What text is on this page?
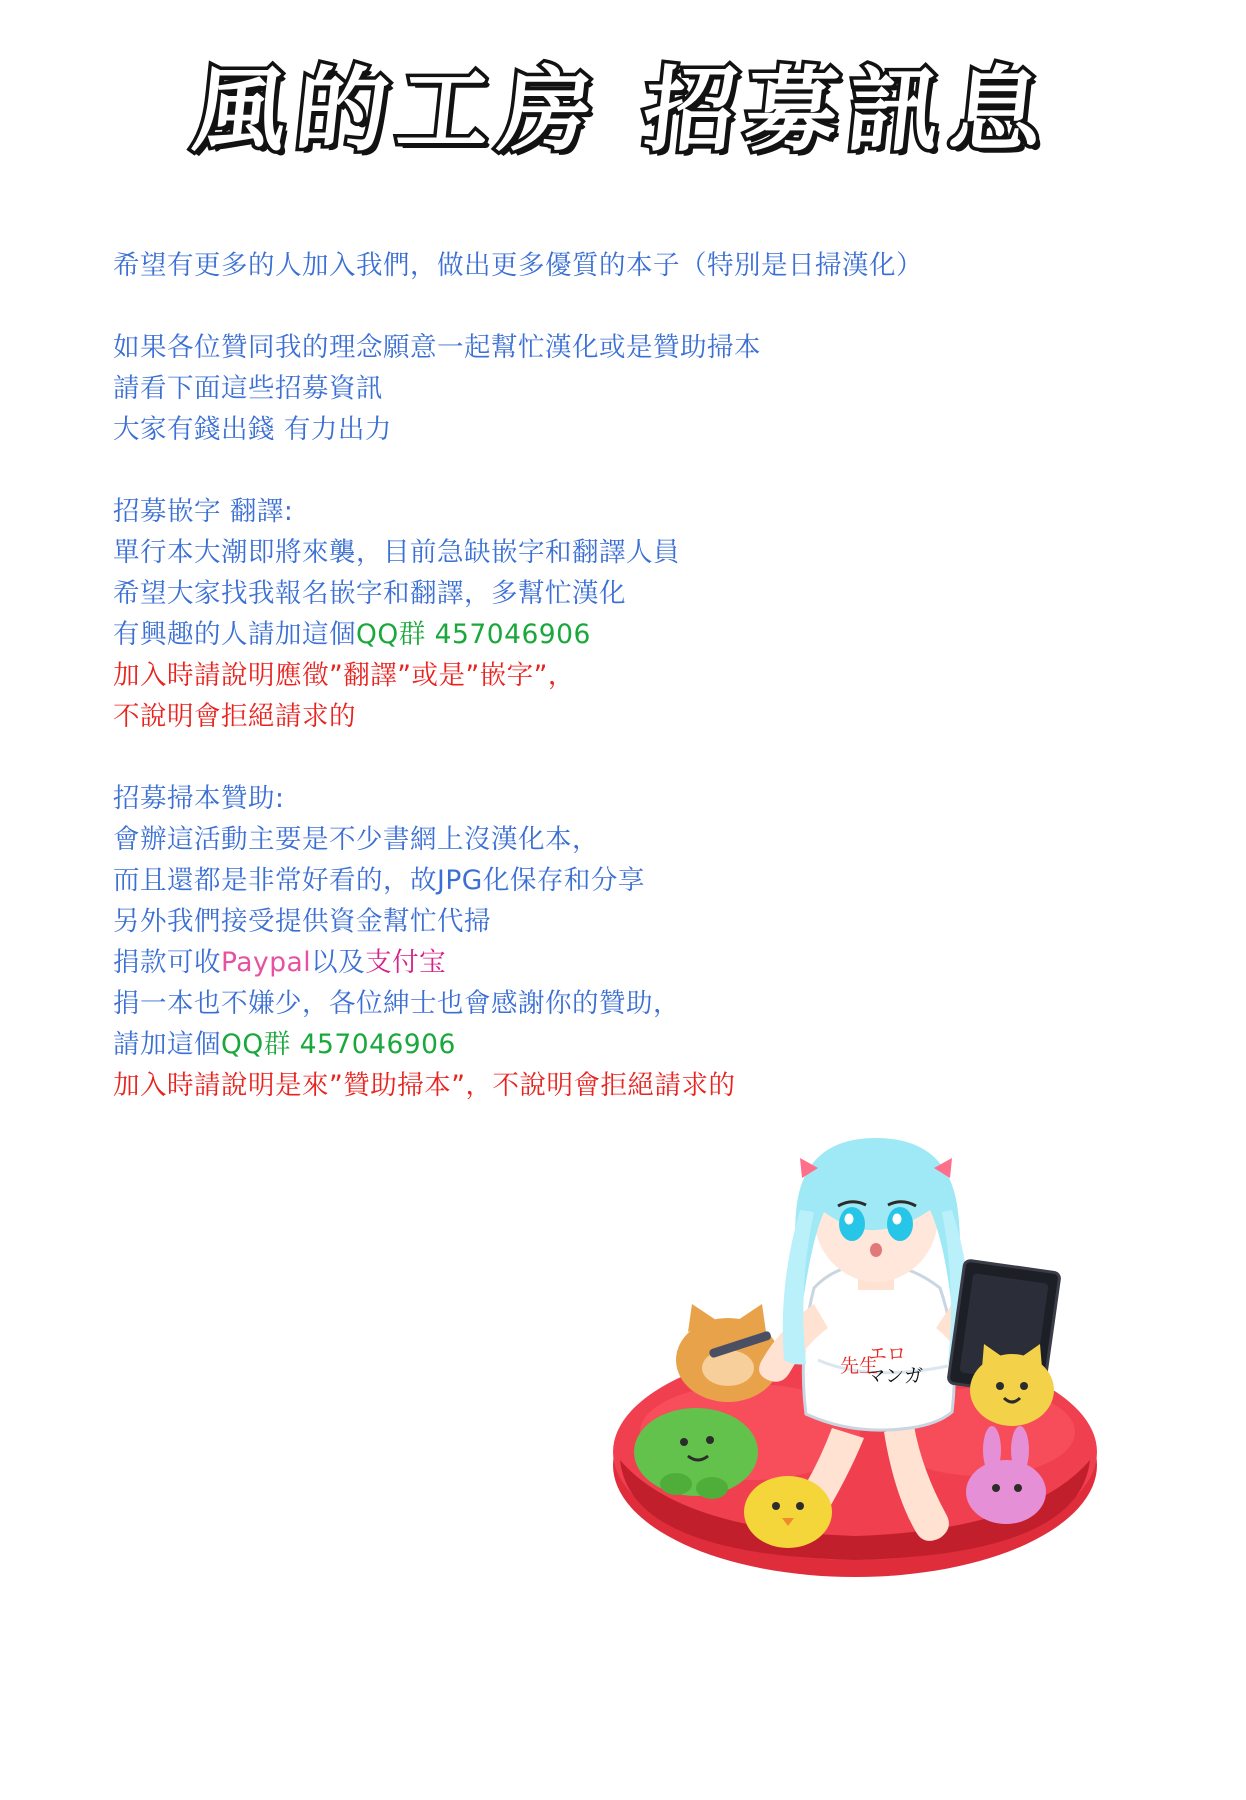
風的工房 招募訊息
希望有更多的人加入我們，做出更多優質的本子（特別是日掃漢化）
如果各位贊同我的理念願意一起幫忙漢化或是贊助掃本
請看下面這些招募資訊
大家有錢出錢 有力出力
招募嵌字 翻譯:
單行本大潮即將來襲，目前急缺嵌字和翻譯人員
希望大家找我報名嵌字和翻譯，多幫忙漢化
有興趣的人請加這個QQ群 457046906
加入時請說明應徵”翻譯”或是”嵌字”，
不說明會拒絕請求的
招募掃本贊助:
會辦這活動主要是不少書網上沒漢化本，
而且還都是非常好看的，故JPG化保存和分享
另外我們接受提供資金幫忙代掃
捐款可收Paypal以及支付宝
捐一本也不嫌少，各位紳士也會感謝你的贊助，
請加這個QQ群 457046906
加入時請說明是來”贊助掃本”，不說明會拒絕請求的
エロ
マンガ
先生
